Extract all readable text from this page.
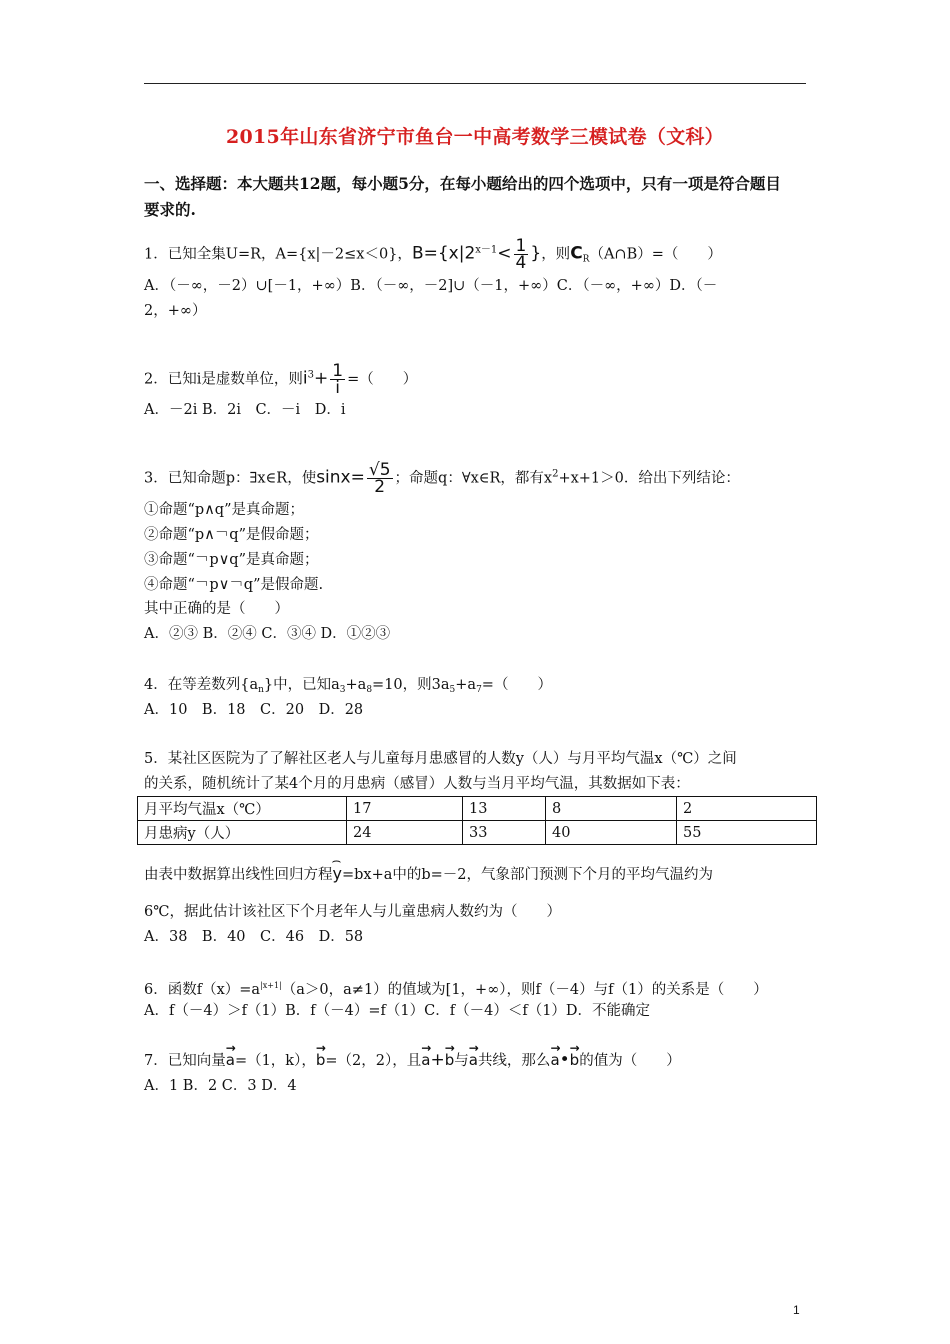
2015年山东省济宁市鱼台一中高考数学三模试卷（文科）
一、选择题：本大题共12题，每小题5分，在每小题给出的四个选项中，只有一项是符合题目
要求的.
1．已知全集U=R，A={x|－2≤x＜0}，$B=\{x|2^{x-1}< \frac{1}{4}$ }，则$C_R(A\cap B)=$（　　）
A．（－∞，－2）∪[－1，+∞）B．（－∞，－2]∪（－1，+∞）C．（－∞，+∞）D．（－
2，+∞）
2．已知i是虚数单位，则$i^3+ \frac{1}{i}$ =（　　）
A．－2i B．2i　C．－i　D．i
3．已知命题p：∃x∈R，使$\sin x= \frac{√5}{2}$ ；命题q：∀x∈R，都有$x^2+x+1>0$．给出下列结论：
①命题“p∧q”是真命题；
②命题“p∧￢q”是假命题；
③命题“￢p∨q”是真命题；
④命题“￢p∨￢q”是假命题.
其中正确的是（　　）
A．②③ B．②④ C．③④ D．①②③
4．在等差数列$\{a_n\}$中，已知$a_3+a_8=10$，则$3a_5+a_7=$（　　）
A．10　B．18　C．20　D．28
5．某社区医院为了了解社区老人与儿童每月患感冒的人数y（人）与月平均气温x（℃）之间
的关系，随机统计了某4个月的月患病（感冒）人数与当月平均气温，其数据如下表：
月平均气温x（℃）	17	13	8	2
月患病y（人）	24	33	40	55
由表中数据算出线性回归方程⌢ y=bx+a中的b=－2，气象部门预测下个月的平均气温约为
6℃，据此估计该社区下个月老年人与儿童患病人数约为（　　）
A．38　B．40　C．46　D．58
6．函数$f(x)=a^{|x+1|}(a>0$，a≠1）的值域为[1，+∞），则f（－4）与f（1）的关系是（　　）
A．f（－4）＞f（1）B．f（－4）=f（1）C．f（－4）＜f（1）D．不能确定
7．已知向量→ a=（1，k），→ b=（2，2），且→ a+→ b与→ a共线，那么→ a•→ b的值为（　　）
A．1 B．2 C．3 D．4
1
